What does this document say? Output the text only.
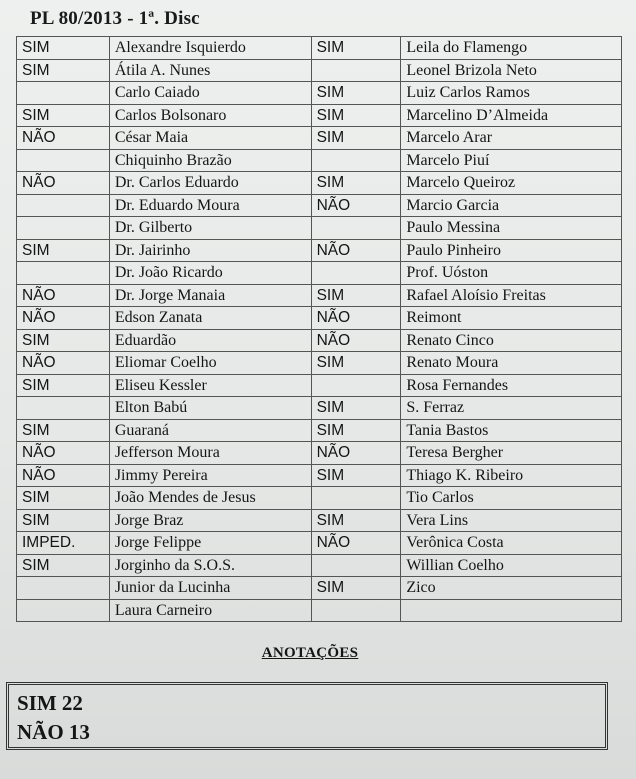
PL 80/2013 - 1ª. Disc
SIM	Alexandre Isquierdo	SIM	Leila do Flamengo
SIM	Átila A. Nunes		Leonel Brizola Neto
	Carlo Caiado	SIM	Luiz Carlos Ramos
SIM	Carlos Bolsonaro	SIM	Marcelino D’Almeida
NÃO	César Maia	SIM	Marcelo Arar
	Chiquinho Brazão		Marcelo Piuí
NÃO	Dr. Carlos Eduardo	SIM	Marcelo Queiroz
	Dr. Eduardo Moura	NÃO	Marcio Garcia
	Dr. Gilberto		Paulo Messina
SIM	Dr. Jairinho	NÃO	Paulo Pinheiro
	Dr. João Ricardo		Prof. Uóston
NÃO	Dr. Jorge Manaia	SIM	Rafael Aloísio Freitas
NÃO	Edson Zanata	NÃO	Reimont
SIM	Eduardão	NÃO	Renato Cinco
NÃO	Eliomar Coelho	SIM	Renato Moura
SIM	Eliseu Kessler		Rosa Fernandes
	Elton Babú	SIM	S. Ferraz
SIM	Guaraná	SIM	Tania Bastos
NÃO	Jefferson Moura	NÃO	Teresa Bergher
NÃO	Jimmy Pereira	SIM	Thiago K. Ribeiro
SIM	João Mendes de Jesus		Tio Carlos
SIM	Jorge Braz	SIM	Vera Lins
IMPED.	Jorge Felippe	NÃO	Verônica Costa
SIM	Jorginho da S.O.S.		Willian Coelho
	Junior da Lucinha	SIM	Zico
	Laura Carneiro		
ANOTAÇÕES
SIM 22
NÃO 13
